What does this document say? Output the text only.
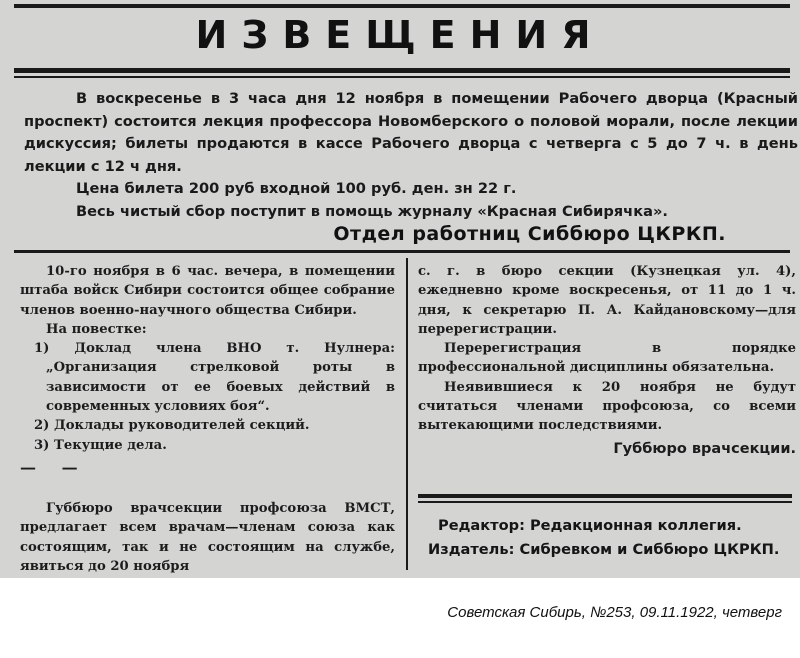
ИЗВЕЩЕНИЯ

В воскресенье в 3 часа дня 12 ноября в помещении Рабочего дворца (Красный проспект) состоится лекция профессора Новомберского о половой морали, после лекции дискуссия; билеты продаются в кассе Рабочего дворца с четверга с 5 до 7 ч. в день лекции с 12 ч дня.

Цена билета 200 руб входной 100 руб. ден. зн 22 г.

Весь чистый сбор поступит в помощь журналу «Красная Сибирячка».

Отдел работниц Сиббюро ЦКРКП.

10-го ноября в 6 час. вечера, в помещении штаба войск Сибири состоится общее собрание членов военно-научного общества Сибири.

На повестке:

1) Доклад члена ВНО т. Нулнера: „Организация стрелковой роты в зависимости от ее боевых действий в современных условиях боя“.

2) Доклады руководителей секций.

3) Текущие дела.

— —

Губбюро врачсекции профсоюза ВМСТ, предлагает всем врачам—членам союза как состоящим, так и не состоящим на службе, явиться до 20 ноября

с. г. в бюро секции (Кузнецкая ул. 4), ежедневно кроме воскресенья, от 11 до 1 ч. дня, к секретарю П. А. Кайдановскому—для перерегистрации.

Перерегистрация в порядке профессиональной дисциплины обязательна.

Неявившиеся к 20 ноября не будут считаться членами профсоюза, со всеми вытекающими последствиями.

Губбюро врачсекции.

Редактор: Редакционная коллегия.
Издатель: Сибревком и Сиббюро ЦКРКП.
Советская Сибирь, №253, 09.11.1922, четверг
